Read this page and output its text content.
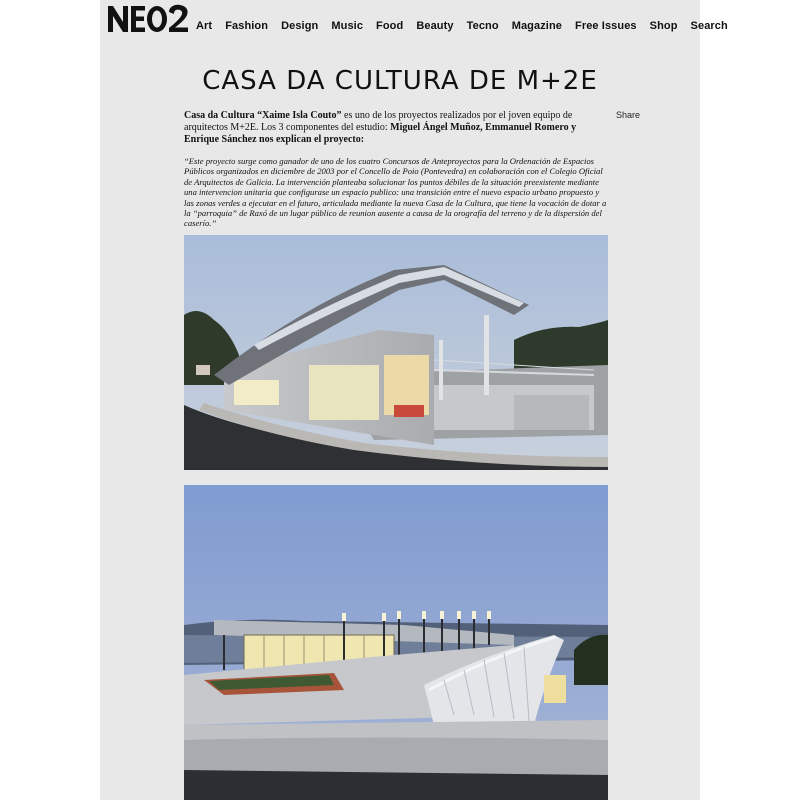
Art Fashion Design Music Food Beauty Tecno Magazine Free Issues Shop Search
CASA DA CULTURA DE M+2E
Share

Casa da Cultura “Xaime Isla Couto” es uno de los proyectos realizados por el joven equipo de arquitectos M+2E. Los 3 componentes del estudio: Miguel Ángel Muñoz, Emmanuel Romero y Enrique Sánchez nos explican el proyecto:

“Este proyecto surge como ganador de uno de los cuatro Concursos de Anteproyectos para la Ordenación de Espacios Públicos organizados en diciembre de 2003 por el Concello de Poio (Pontevedra) en colaboración con el Colegio Oficial de Arquitectos de Galicia. La intervención planteaba solucionar los puntos débiles de la situación preexistente mediante una intervencion unitaria que configurase un espacio publico: una transición entre el nuevo espacio urbano propuesto y las zonas verdes a ejecutar en el futuro, articulada mediante la nueva Casa de la Cultura, que tiene la vocación de dotar a la “parroquia” de Raxó de un lugar público de reunion ausente a causa de la orografía del terreno y de la dispersión del caserío.”
